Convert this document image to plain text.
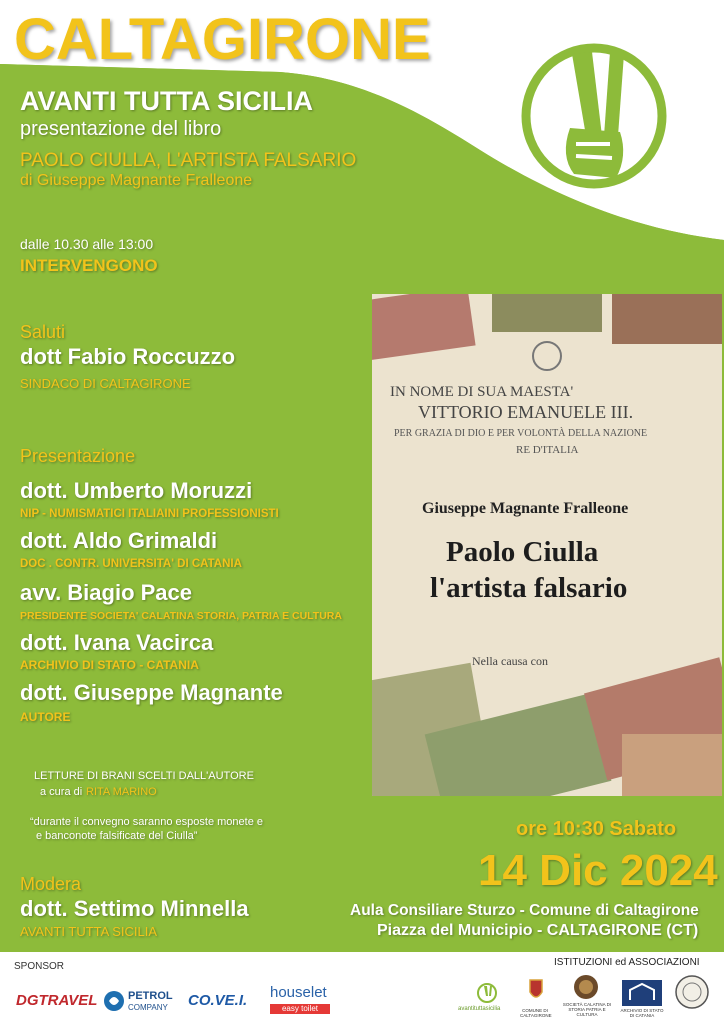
CALTAGIRONE
AVANTI TUTTA SICILIA
presentazione del libro
PAOLO CIULLA, L'ARTISTA FALSARIO
di Giuseppe Magnante Fralleone
dalle 10.30 alle 13:00
INTERVENGONO
Saluti
dott Fabio Roccuzzo
SINDACO DI CALTAGIRONE
Presentazione
dott. Umberto Moruzzi
NIP - NUMISMATICI ITALIAINI PROFESSIONISTI
dott. Aldo Grimaldi
DOC . CONTR. UNIVERSITA' DI CATANIA
avv. Biagio Pace
PRESIDENTE SOCIETA' CALATINA STORIA, PATRIA E CULTURA
dott. Ivana Vacirca
ARCHIVIO DI STATO - CATANIA
dott. Giuseppe Magnante
AUTORE
LETTURE DI BRANI SCELTI DALL'AUTORE
a cura di RITA MARINO
“durante il convegno saranno esposte monete e
e banconote falsificate del Ciulla”
Modera
dott. Settimo Minnella
AVANTI TUTTA SICILIA
IN NOME DI SUA MAESTA'
VITTORIO EMANUELE III.
PER GRAZIA DI DIO E PER VOLONTÀ DELLA NAZIONE
RE D'ITALIA
Giuseppe Magnante Fralleone
Paolo Ciulla
l'artista falsario
Nella causa con
ore 10:30 Sabato
14 Dic 2024
Aula Consiliare Sturzo - Comune di Caltagirone
Piazza del Municipio - CALTAGIRONE (CT)
SPONSOR	ISTITUZIONI ed ASSOCIAZIONI
DGTRAVEL	PETROL
COMPANY CO.VE.I. houselet
easy toilet	avantituttasicilia	COMUNE DI CALTAGIRONE
SOCIETÀ CALATINA DI STORIA PATRIA E CULTURA
ARCHIVIO DI STATO DI CATANIA
